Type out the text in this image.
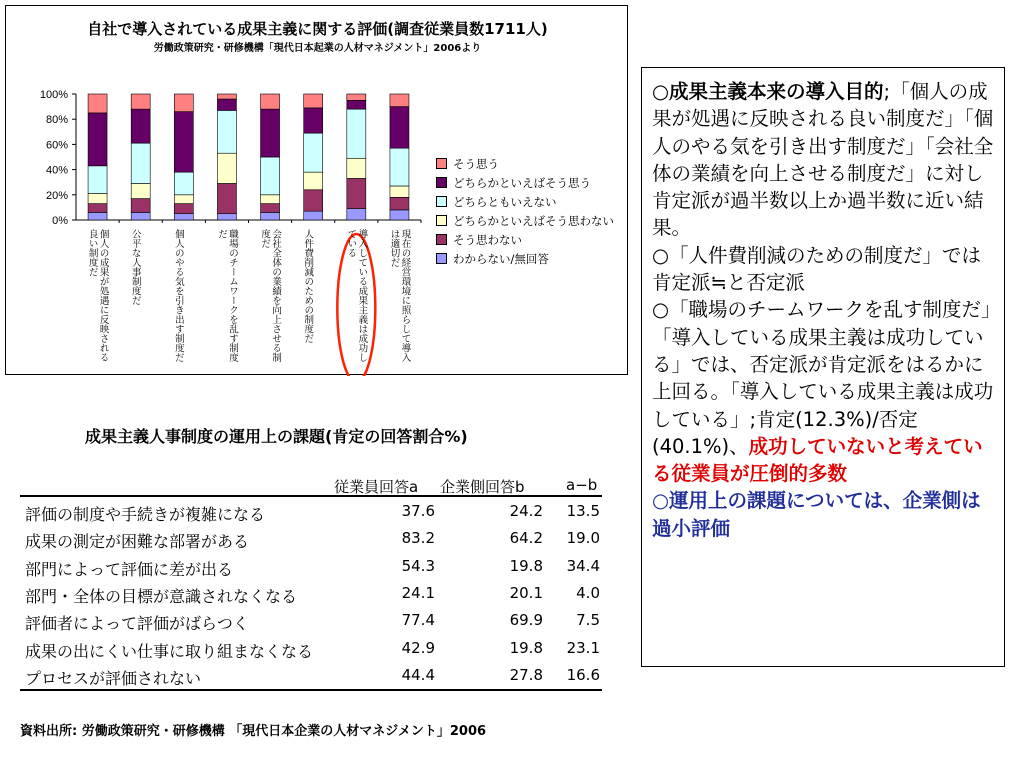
自社で導入されている成果主義に関する評価(調査従業員数1711人)
労働政策研究・研修機構「現代日本起業の人材マネジメント」2006より
0%
20%
40%
60%
80%
100%
個人の成果が処遇に反映される良い制度だ	公平な人事制度だ	個人のやる気を引き出す制度だ	職場のチームワークを乱す制度だ	会社全体の業績を向上させる制度だ	人件費削減のための制度だ	導入している成果主義は成功している	現在の経営環境に照らして導入は適切だ
そう思う
どちらかといえばそう思う
どちらともいえない
どちらかといえばそう思わない
そう思わない
わからない/無回答
成果主義人事制度の運用上の課題(肯定の回答割合%)
従業員回答a 企業側回答b	a−b
評価の制度や手続きが複雑になる	37.6	24.2	13.5
成果の測定が困難な部署がある	83.2	64.2	19.0
部門によって評価に差が出る	54.3	19.8	34.4
部門・全体の目標が意識されなくなる	24.1	20.1	4.0
評価者によって評価がばらつく	77.4	69.9	7.5
成果の出にくい仕事に取り組まなくなる	42.9	19.8	23.1
プロセスが評価されない	44.4	27.8	16.6
資料出所: 労働政策研究・研修機構 「現代日本企業の人材マネジメント」2006

○成果主義本来の導入目的;「個人の成果が処遇に反映される良い制度だ」「個人のやる気を引き出す制度だ」「会社全体の業績を向上させる制度だ」に対し肯定派が過半数以上か過半数に近い結果。

○「人件費削減のための制度だ」では肯定派≒と否定派

○「職場のチームワークを乱す制度だ」「導入している成果主義は成功している」では、否定派が肯定派をはるかに上回る。「導入している成果主義は成功している」;肯定(12.3%)/否定(40.1%)、成功していないと考えている従業員が圧倒的多数

○運用上の課題については、企業側は過小評価
